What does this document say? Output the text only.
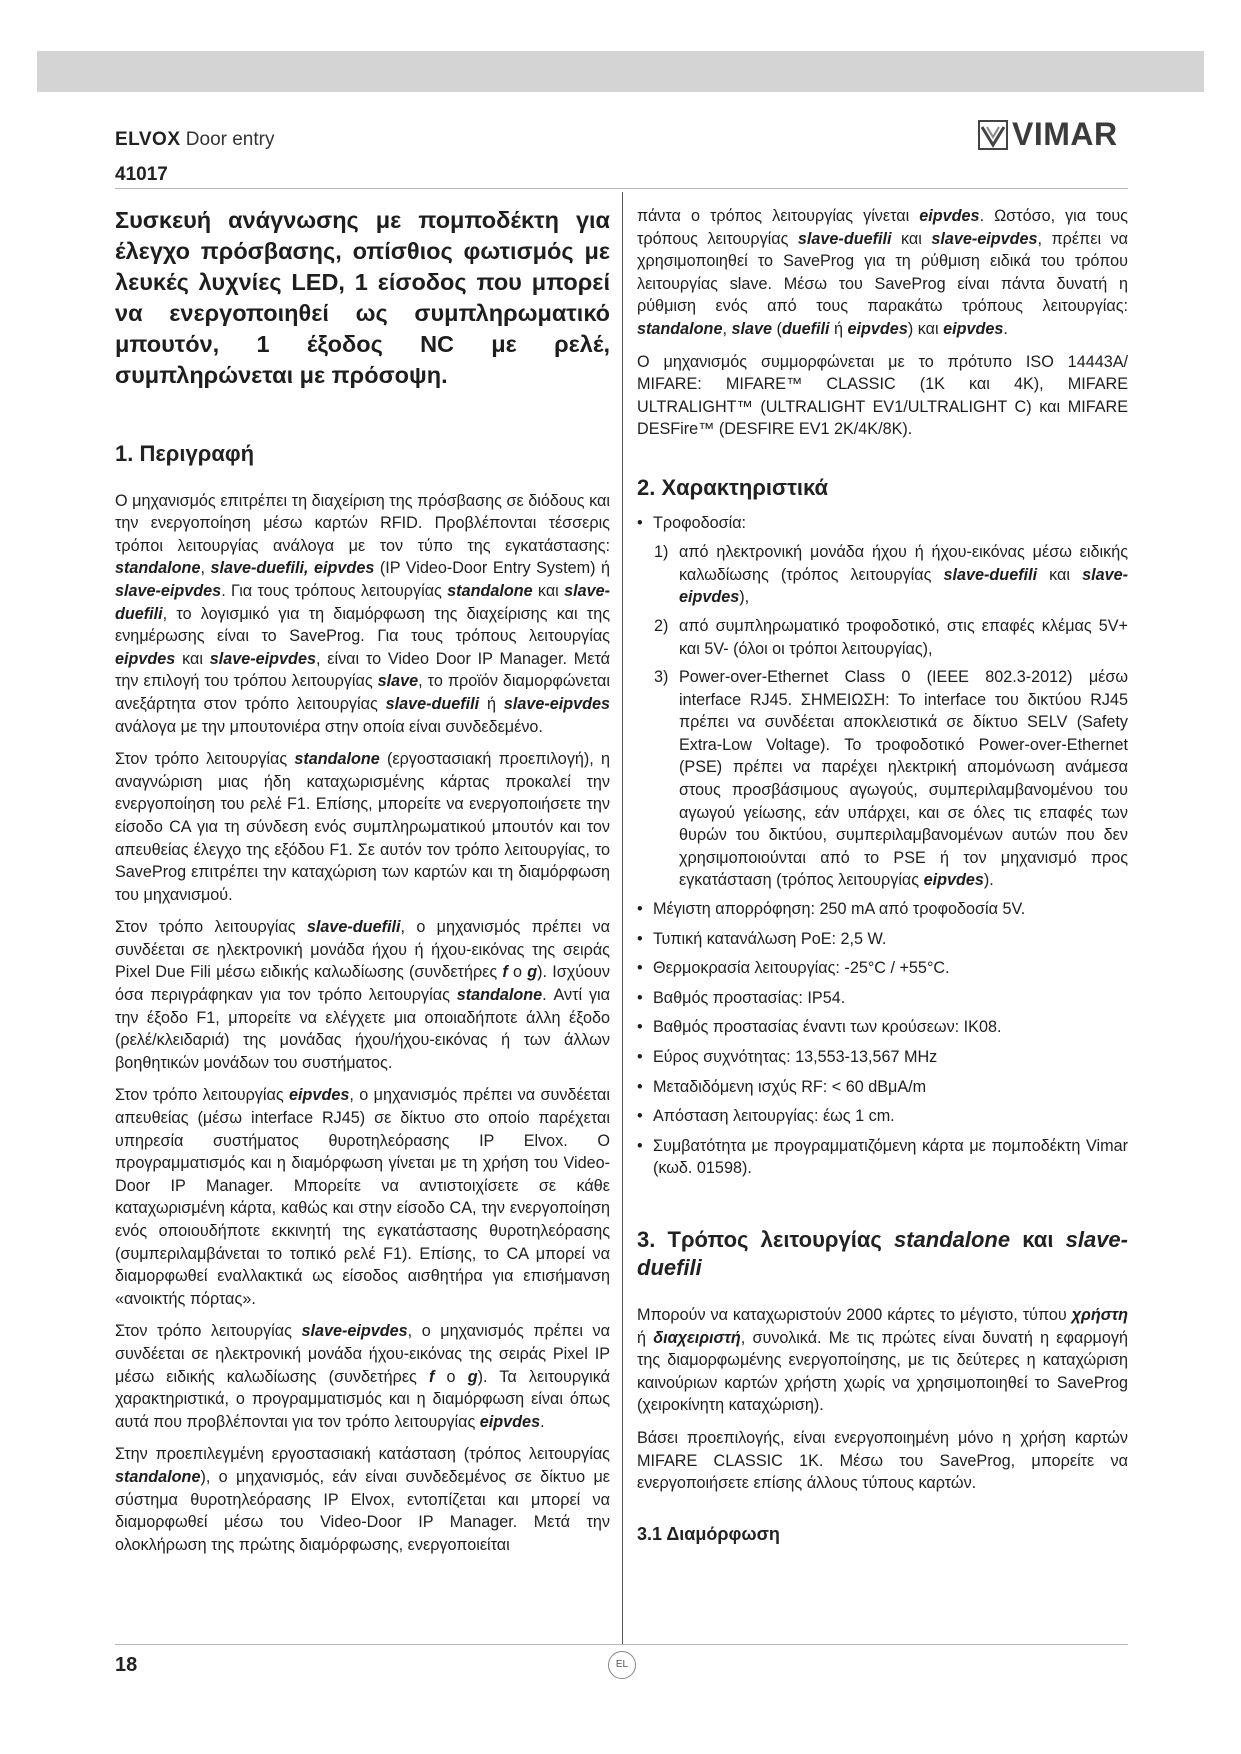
ELVOX Door entry	VIMAR
41017
Συσκευή ανάγνωσης με πομποδέκτη για έλεγχο πρόσβασης, οπίσθιος φωτισμός με λευκές λυχνίες LED, 1 είσοδος που μπορεί να ενεργοποιηθεί ως συμπληρωματικό μπουτόν, 1 έξοδος NC με ρελέ, συμπληρώνεται με πρόσοψη.
1. Περιγραφή

Ο μηχανισμός επιτρέπει τη διαχείριση της πρόσβασης σε διόδους και την ενεργοποίηση μέσω καρτών RFID. Προβλέπονται τέσσερις τρόποι λειτουργίας ανάλογα με τον τύπο της εγκατάστασης: standalone, slave-duefili, eipvdes (IP Video-Door Entry System) ή slave-eipvdes. Για τους τρόπους λειτουργίας standalone και slave-duefili, το λογισμικό για τη διαμόρφωση της διαχείρισης και της ενημέρωσης είναι το SaveProg. Για τους τρόπους λειτουργίας eipvdes και slave-eipvdes, είναι το Video Door IP Manager. Μετά την επιλογή του τρόπου λειτουργίας slave, το προϊόν διαμορφώνεται ανεξάρτητα στον τρόπο λειτουργίας slave-duefili ή slave-eipvdes ανάλογα με την μπουτονιέρα στην οποία είναι συνδεδεμένο.

Στον τρόπο λειτουργίας standalone (εργοστασιακή προεπιλογή), η αναγνώριση μιας ήδη καταχωρισμένης κάρτας προκαλεί την ενεργοποίηση του ρελέ F1. Επίσης, μπορείτε να ενεργοποιήσετε την είσοδο CA για τη σύνδεση ενός συμπληρωματικού μπουτόν και τον απευθείας έλεγχο της εξόδου F1. Σε αυτόν τον τρόπο λειτουργίας, το SaveProg επιτρέπει την καταχώριση των καρτών και τη διαμόρφωση του μηχανισμού.

Στον τρόπο λειτουργίας slave-duefili, ο μηχανισμός πρέπει να συνδέεται σε ηλεκτρονική μονάδα ήχου ή ήχου-εικόνας της σειράς Pixel Due Fili μέσω ειδικής καλωδίωσης (συνδετήρες f ο g). Ισχύουν όσα περιγράφηκαν για τον τρόπο λειτουργίας standalone. Αντί για την έξοδο F1, μπορείτε να ελέγχετε μια οποιαδήποτε άλλη έξοδο (ρελέ/κλειδαριά) της μονάδας ήχου/ήχου-εικόνας ή των άλλων βοηθητικών μονάδων του συστήματος.

Στον τρόπο λειτουργίας eipvdes, ο μηχανισμός πρέπει να συνδέεται απευθείας (μέσω interface RJ45) σε δίκτυο στο οποίο παρέχεται υπηρεσία συστήματος θυροτηλεόρασης IP Elvox. Ο προγραμματισμός και η διαμόρφωση γίνεται με τη χρήση του Video-Door IP Manager. Μπορείτε να αντιστοιχίσετε σε κάθε καταχωρισμένη κάρτα, καθώς και στην είσοδο CA, την ενεργοποίηση ενός οποιουδήποτε εκκινητή της εγκατάστασης θυροτηλεόρασης (συμπεριλαμβάνεται το τοπικό ρελέ F1). Επίσης, το CA μπορεί να διαμορφωθεί εναλλακτικά ως είσοδος αισθητήρα για επισήμανση «ανοικτής πόρτας».

Στον τρόπο λειτουργίας slave-eipvdes, ο μηχανισμός πρέπει να συνδέεται σε ηλεκτρονική μονάδα ήχου-εικόνας της σειράς Pixel IP μέσω ειδικής καλωδίωσης (συνδετήρες f ο g). Τα λειτουργικά χαρακτηριστικά, ο προγραμματισμός και η διαμόρφωση είναι όπως αυτά που προβλέπονται για τον τρόπο λειτουργίας eipvdes.

Στην προεπιλεγμένη εργοστασιακή κατάσταση (τρόπος λειτουργίας standalone), ο μηχανισμός, εάν είναι συνδεδεμένος σε δίκτυο με σύστημα θυροτηλεόρασης IP Elvox, εντοπίζεται και μπορεί να διαμορφωθεί μέσω του Video-Door IP Manager. Μετά την ολοκλήρωση της πρώτης διαμόρφωσης, ενεργοποιείται

πάντα ο τρόπος λειτουργίας γίνεται eipvdes. Ωστόσο, για τους τρόπους λειτουργίας slave-duefili και slave-eipvdes, πρέπει να χρησιμοποιηθεί το SaveProg για τη ρύθμιση ειδικά του τρόπου λειτουργίας slave. Μέσω του SaveProg είναι πάντα δυνατή η ρύθμιση ενός από τους παρακάτω τρόπους λειτουργίας: standalone, slave (duefili ή eipvdes) και eipvdes.

Ο μηχανισμός συμμορφώνεται με το πρότυπο ISO 14443A/ MIFARE: MIFARE™ CLASSIC (1K και 4K), MIFARE ULTRALIGHT™ (ULTRALIGHT EV1/ULTRALIGHT C) και MIFARE DESFire™ (DESFIRE EV1 2K/4K/8K).

2. Χαρακτηριστικά
• Τροφοδοσία:
1) από ηλεκτρονική μονάδα ήχου ή ήχου-εικόνας μέσω ειδικής καλωδίωσης (τρόπος λειτουργίας slave-duefili και slave-eipvdes),
2) από συμπληρωματικό τροφοδοτικό, στις επαφές κλέμας 5V+ και 5V- (όλοι οι τρόποι λειτουργίας),
3) Power-over-Ethernet Class 0 (IEEE 802.3-2012) μέσω interface RJ45. ΣΗΜΕΙΩΣΗ: Το interface του δικτύου RJ45 πρέπει να συνδέεται αποκλειστικά σε δίκτυο SELV (Safety Extra-Low Voltage). Το τροφοδοτικό Power-over-Ethernet (PSE) πρέπει να παρέχει ηλεκτρική απομόνωση ανάμεσα στους προσβάσιμους αγωγούς, συμπεριλαμβανομένου του αγωγού γείωσης, εάν υπάρχει, και σε όλες τις επαφές των θυρών του δικτύου, συμπεριλαμβανομένων αυτών που δεν χρησιμοποιούνται από το PSE ή τον μηχανισμό προς εγκατάσταση (τρόπος λειτουργίας eipvdes).
• Μέγιστη απορρόφηση: 250 mA από τροφοδοσία 5V.
• Τυπική κατανάλωση PoE: 2,5 W.
• Θερμοκρασία λειτουργίας: -25°C / +55°C.
• Βαθμός προστασίας: IP54.
• Βαθμός προστασίας έναντι των κρούσεων: IK08.
• Εύρος συχνότητας: 13,553-13,567 MHz
• Μεταδιδόμενη ισχύς RF: < 60 dBμA/m
• Απόσταση λειτουργίας: έως 1 cm.
• Συμβατότητα με προγραμματιζόμενη κάρτα με πομποδέκτη Vimar (κωδ. 01598).
3. Τρόπος λειτουργίας standalone και slave-duefili

Μπορούν να καταχωριστούν 2000 κάρτες το μέγιστο, τύπου χρήστη ή διαχειριστή, συνολικά. Με τις πρώτες είναι δυνατή η εφαρμογή της διαμορφωμένης ενεργοποίησης, με τις δεύτερες η καταχώριση καινούριων καρτών χρήστη χωρίς να χρησιμοποιηθεί το SaveProg (χειροκίνητη καταχώριση).

Βάσει προεπιλογής, είναι ενεργοποιημένη μόνο η χρήση καρτών MIFARE CLASSIC 1K. Μέσω του SaveProg, μπορείτε να ενεργοποιήσετε επίσης άλλους τύπους καρτών.

3.1 Διαμόρφωση
18	EL
